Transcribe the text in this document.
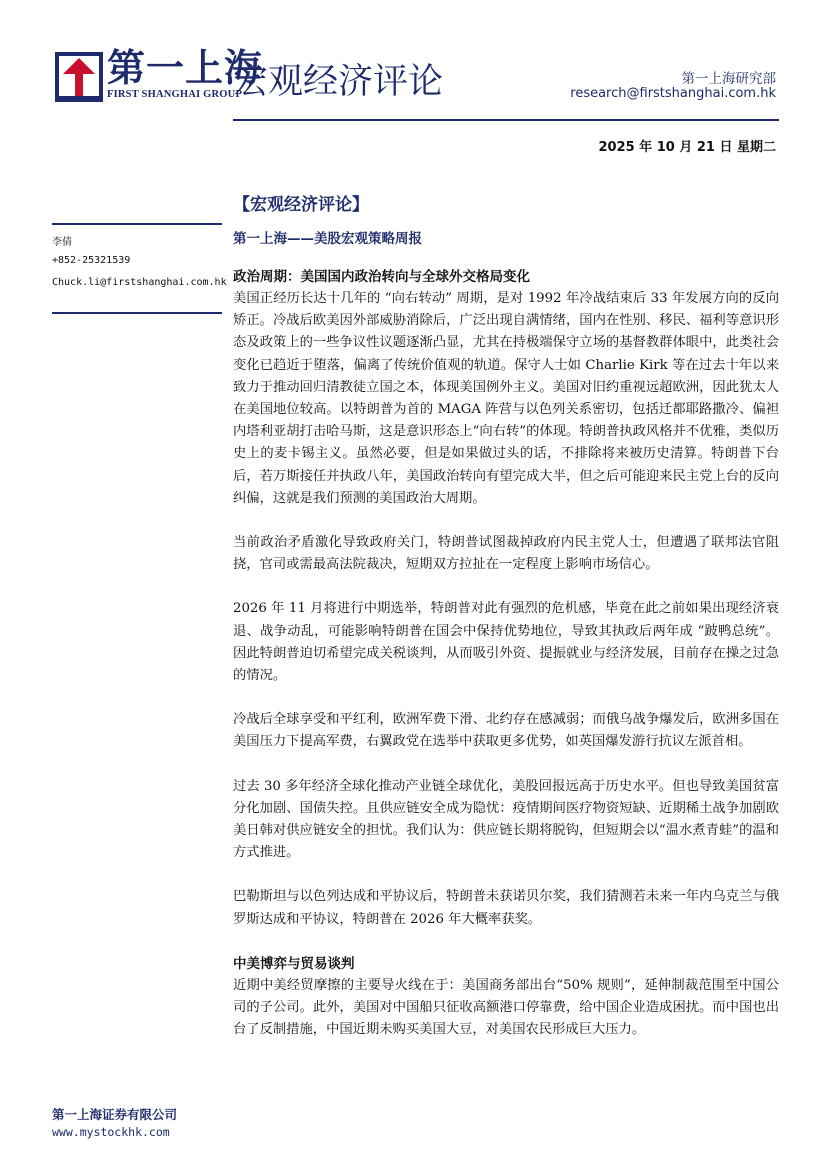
第一上海
FIRST SHANGHAI GROUP
宏观经济评论	第一上海研究部
research@firstshanghai.com.hk
2025 年 10 月 21 日 星期二
李倩
+852-25321539
Chuck.li@firstshanghai.com.hk
【宏观经济评论】
第一上海——美股宏观策略周报
政治周期：美国国内政治转向与全球外交格局变化

美国正经历长达十几年的 “向右转动” 周期，是对 1992 年冷战结束后 33 年发展方向的反向矫正。冷战后欧美因外部威胁消除后，广泛出现自满情绪，国内在性别、移民、福利等意识形态及政策上的一些争议性议题逐渐凸显，尤其在持极端保守立场的基督教群体眼中，此类社会变化已趋近于堕落，偏离了传统价值观的轨道。保守人士如 Charlie Kirk 等在过去十年以来致力于推动回归清教徒立国之本，体现美国例外主义。美国对旧约重视远超欧洲，因此犹太人在美国地位较高。以特朗普为首的 MAGA 阵营与以色列关系密切，包括迁都耶路撒冷、偏袒内塔利亚胡打击哈马斯，这是意识形态上“向右转”的体现。特朗普执政风格并不优雅，类似历史上的麦卡锡主义。虽然必要，但是如果做过头的话，不排除将来被历史清算。特朗普下台后，若万斯接任并执政八年，美国政治转向有望完成大半，但之后可能迎来民主党上台的反向纠偏，这就是我们预测的美国政治大周期。

当前政治矛盾激化导致政府关门，特朗普试图裁掉政府内民主党人士，但遭遇了联邦法官阻挠，官司或需最高法院裁决，短期双方拉扯在一定程度上影响市场信心。

2026 年 11 月将进行中期选举，特朗普对此有强烈的危机感，毕竟在此之前如果出现经济衰退、战争动乱，可能影响特朗普在国会中保持优势地位，导致其执政后两年成 “跛鸭总统”。因此特朗普迫切希望完成关税谈判，从而吸引外资、提振就业与经济发展，目前存在操之过急的情况。

冷战后全球享受和平红利，欧洲军费下滑、北约存在感减弱；而俄乌战争爆发后，欧洲多国在美国压力下提高军费，右翼政党在选举中获取更多优势，如英国爆发游行抗议左派首相。

过去 30 多年经济全球化推动产业链全球优化，美股回报远高于历史水平。但也导致美国贫富分化加剧、国债失控。且供应链安全成为隐忧：疫情期间医疗物资短缺、近期稀土战争加剧欧美日韩对供应链安全的担忧。我们认为：供应链长期将脱钩，但短期会以“温水煮青蛙”的温和方式推进。

巴勒斯坦与以色列达成和平协议后，特朗普未获诺贝尔奖，我们猜测若未来一年内乌克兰与俄罗斯达成和平协议，特朗普在 2026 年大概率获奖。

中美博弈与贸易谈判

近期中美经贸摩擦的主要导火线在于：美国商务部出台“50% 规则”，延伸制裁范围至中国公司的子公司。此外，美国对中国船只征收高额港口停靠费，给中国企业造成困扰。而中国也出台了反制措施，中国近期未购买美国大豆，对美国农民形成巨大压力。

第一上海证券有限公司
www.mystockhk.com
